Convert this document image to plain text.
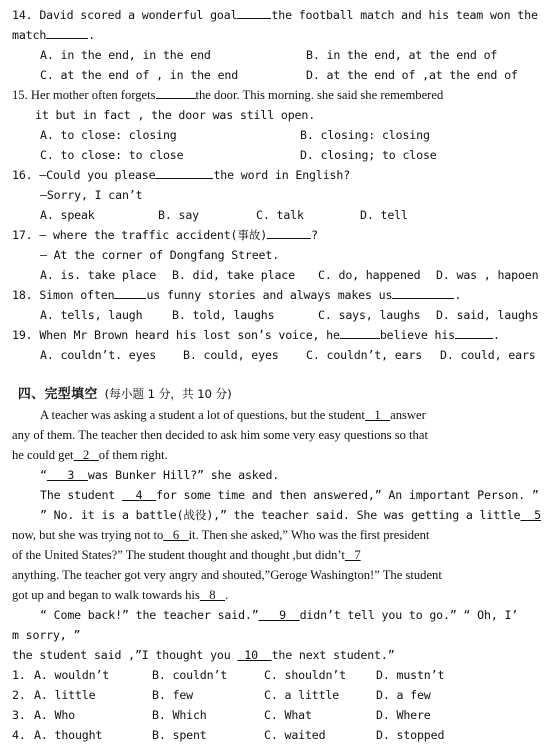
14. David scored a wonderful goal	the football match and his team won the
match	.
A. in the end, in the end	B. in the end, at the end of
C. at the end of , in the end	D. at the end of ,at the end of
15. Her mother often forgets	the door. This morning. she said she remembered
it but in fact , the door was still open.
A. to close: closing	B. closing: closing
C. to close: to close	D. closing; to close
16. —Could you please	the word in English?
—Sorry, I can’t
A. speak	B. say	C. talk	D. tell
17. — where the traffic accident(事故)	?
— At the corner of Dongfang Street.
A. is. take place B. did, take place C. do, happened D. was , hapoen
18. Simon often	us funny stories and always makes us	.
A. tells, laugh	B. told, laughs	C. says, laughs D. said, laughs
19. When Mr Brown heard his lost son’s voice, he	believe his	.
A. couldn’t. eyes B. could, eyes C. couldn’t, ears D. could, ears
四、完型填空 (每小题 1 分，共 10 分)
A teacher was asking a student a lot of questions, but the student 1 answer
any of them. The teacher then decided to ask him some very easy questions so that
he could get 2 of them right.
“ 3 was Bunker Hill?” she asked.
The student 4 for some time and then answered,” An important Person. ”
” No. it is a battle(战役),” the teacher said. She was getting a little 5
now, but she was trying not to 6 it. Then she asked,” Who was the first president
of the United States?” The student thought and thought ,but didn’t 7
anything. The teacher got very angry and shouted,”Geroge Washington!” The student
got up and began to walk towards his 8 .
“ Come back!” the teacher said.” 9 didn’t tell you to go.” “ Oh, I’
m sorry, ”
the student said ,”I thought you 10 the next student.”
1. A. wouldn’t	B. couldn’t	C. shouldn’t	D. mustn’t
2. A. little	B. few	C. a little	D. a few
3. A. Who	B. Which	C. What	D. Where
4. A. thought	B. spent	C. waited	D. stopped
